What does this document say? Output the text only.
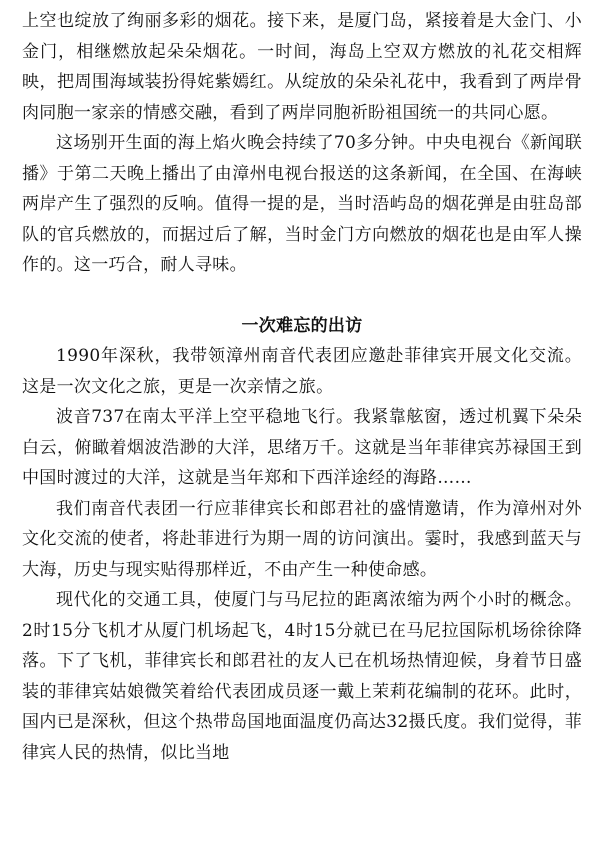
上空也绽放了绚丽多彩的烟花。接下来，是厦门岛，紧接着是大金门、小金门，相继燃放起朵朵烟花。一时间，海岛上空双方燃放的礼花交相辉映，把周围海域装扮得姹紫嫣红。从绽放的朵朵礼花中，我看到了两岸骨肉同胞一家亲的情感交融，看到了两岸同胞祈盼祖国统一的共同心愿。

这场别开生面的海上焰火晚会持续了70多分钟。中央电视台《新闻联播》于第二天晚上播出了由漳州电视台报送的这条新闻，在全国、在海峡两岸产生了强烈的反响。值得一提的是，当时浯屿岛的烟花弹是由驻岛部队的官兵燃放的，而据过后了解，当时金门方向燃放的烟花也是由军人操作的。这一巧合，耐人寻味。

一次难忘的出访

1990年深秋，我带领漳州南音代表团应邀赴菲律宾开展文化交流。这是一次文化之旅，更是一次亲情之旅。

波音737在南太平洋上空平稳地飞行。我紧靠舷窗，透过机翼下朵朵白云，俯瞰着烟波浩渺的大洋，思绪万千。这就是当年菲律宾苏禄国王到中国时渡过的大洋，这就是当年郑和下西洋途经的海路……

我们南音代表团一行应菲律宾长和郎君社的盛情邀请，作为漳州对外文化交流的使者，将赴菲进行为期一周的访问演出。霎时，我感到蓝天与大海，历史与现实贴得那样近，不由产生一种使命感。

现代化的交通工具，使厦门与马尼拉的距离浓缩为两个小时的概念。2时15分飞机才从厦门机场起飞，4时15分就已在马尼拉国际机场徐徐降落。下了飞机，菲律宾长和郎君社的友人已在机场热情迎候，身着节日盛装的菲律宾姑娘微笑着给代表团成员逐一戴上茉莉花编制的花环。此时，国内已是深秋，但这个热带岛国地面温度仍高达32摄氏度。我们觉得，菲律宾人民的热情，似比当地
